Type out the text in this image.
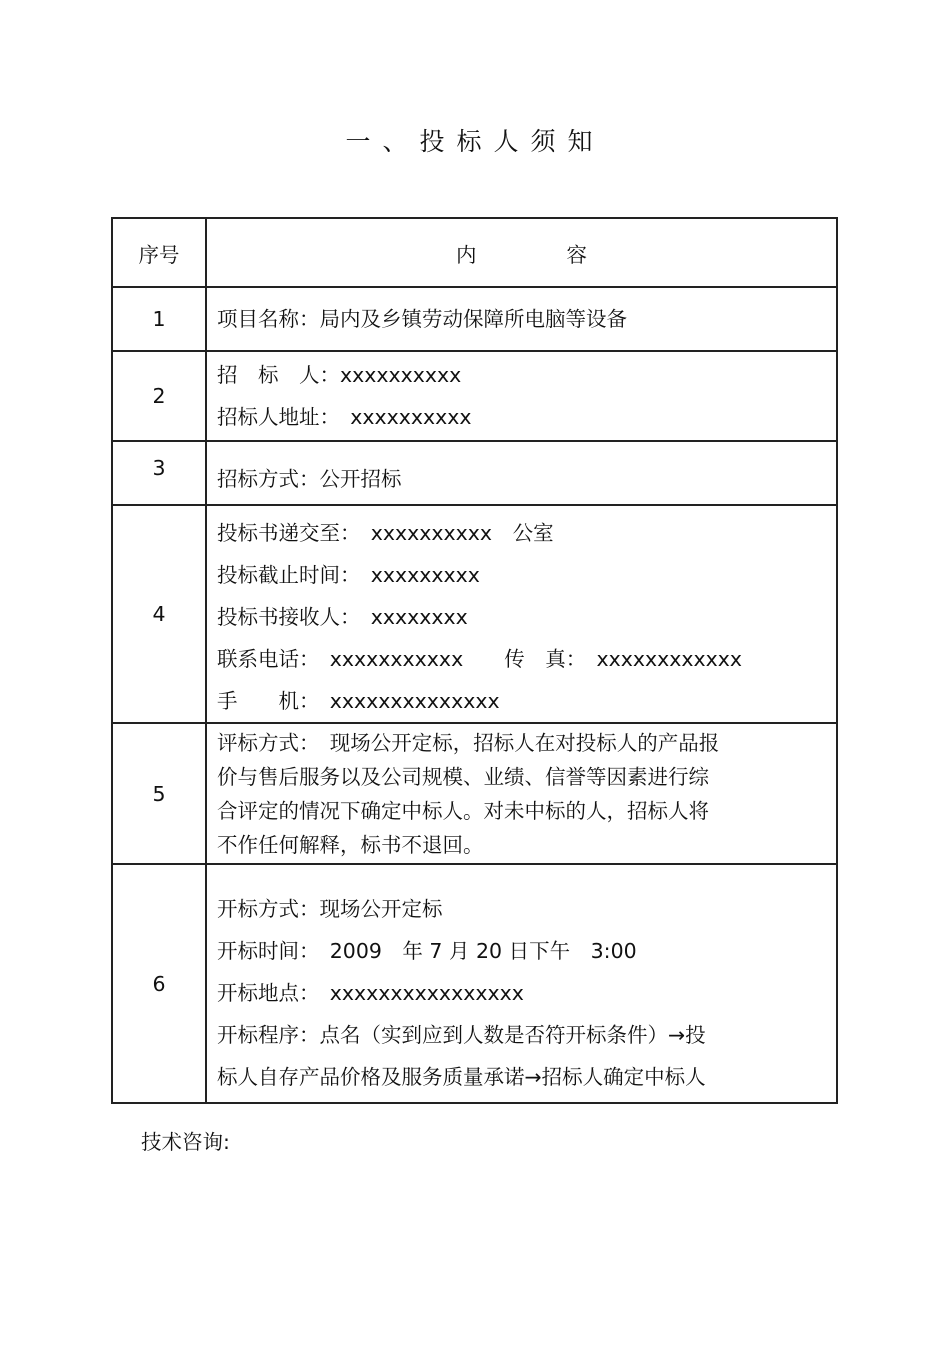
一、投标人须知
序号	内 容
1	项目名称：局内及乡镇劳动保障所电脑等设备

2	招　标　人：xxxxxxxxxx
招标人地址：　xxxxxxxxxx

3	招标方式：公开招标

4	投标书递交至：　xxxxxxxxxx　公室
投标截止时间：　xxxxxxxxx
投标书接收人：　xxxxxxxx
联系电话：　xxxxxxxxxxx　　传　真：　xxxxxxxxxxxx
手　　机：　xxxxxxxxxxxxxx

5	评标方式：　现场公开定标，招标人在对投标人的产品报
价与售后服务以及公司规模、业绩、信誉等因素进行综
合评定的情况下确定中标人。对未中标的人，招标人将
不作任何解释，标书不退回。

6	开标方式：现场公开定标
开标时间：　2009　年 7 月 20 日下午　3:00
开标地点：　xxxxxxxxxxxxxxxx
开标程序：点名（实到应到人数是否符开标条件）→投
标人自存产品价格及服务质量承诺→招标人确定中标人
技术咨询:
